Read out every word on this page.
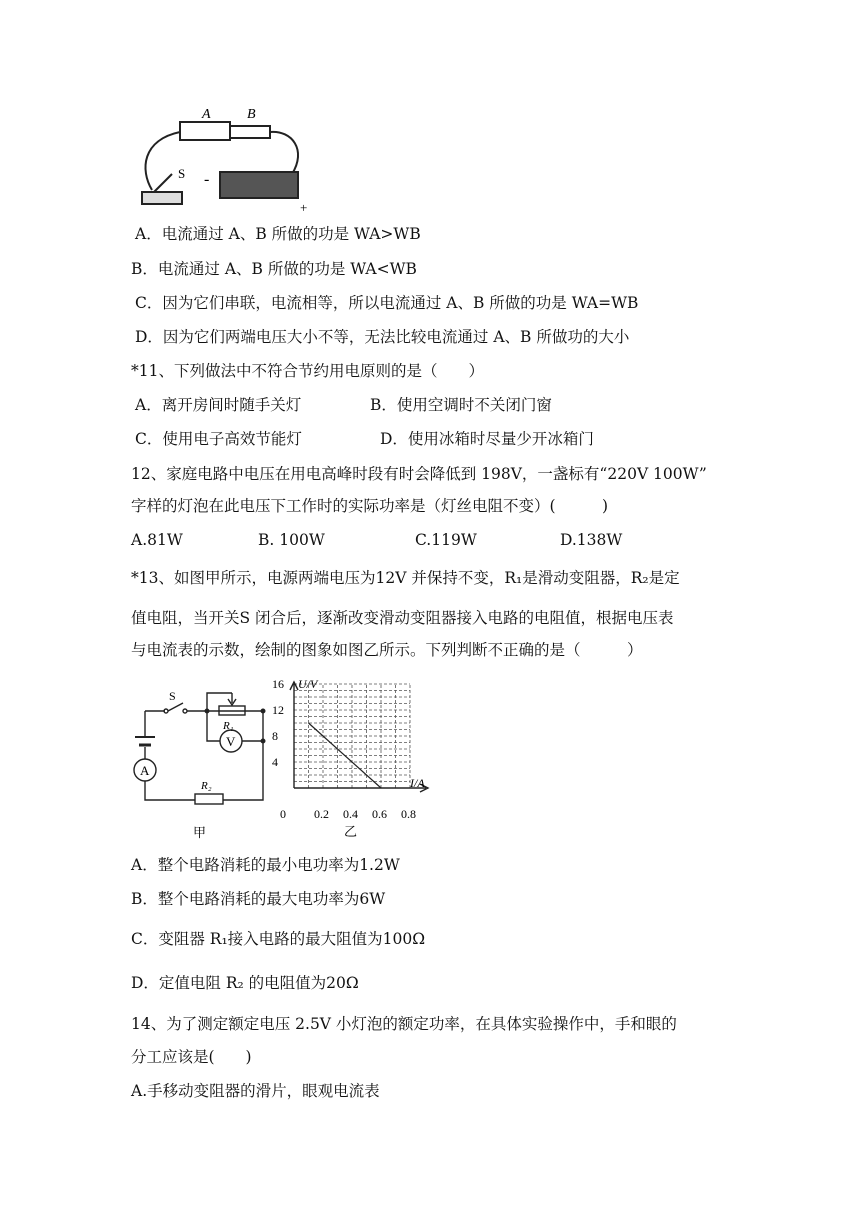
A	B
S -
+
A．电流通过 A、B 所做的功是 WA>WB
B．电流通过 A、B 所做的功是 WA<WB
C．因为它们串联，电流相等，所以电流通过 A、B 所做的功是 WA=WB
D．因为它们两端电压大小不等，无法比较电流通过 A、B 所做功的大小
*11、下列做法中不符合节约用电原则的是（　　）
A．离开房间时随手关灯	B．使用空调时不关闭门窗
C．使用电子高效节能灯	D．使用冰箱时尽量少开冰箱门
12、家庭电路中电压在用电高峰时段有时会降低到 198V，一盏标有“220V 100W”
字样的灯泡在此电压下工作时的实际功率是（灯丝电阻不变）(　　　)
A.81W	B. 100W	C.119W	D.138W
*13、如图甲所示，电源两端电压为12V 并保持不变，R₁是滑动变阻器，R₂是定
值电阻，当开关S 闭合后，逐渐改变滑动变阻器接入电路的电阻值，根据电压表
与电流表的示数，绘制的图象如图乙所示。下列判断不正确的是（　　　）
S
R₁
V
A
R₂
甲
16
12
8
4
0 0.2 0.4 0.6 0.8
U/V
I/A
乙
A．整个电路消耗的最小电功率为1.2W
B．整个电路消耗的最大电功率为6W
C．变阻器 R₁接入电路的最大阻值为100Ω
D．定值电阻 R₂ 的电阻值为20Ω
14、为了测定额定电压 2.5V 小灯泡的额定功率，在具体实验操作中，手和眼的
分工应该是(　　)
A.手移动变阻器的滑片，眼观电流表
